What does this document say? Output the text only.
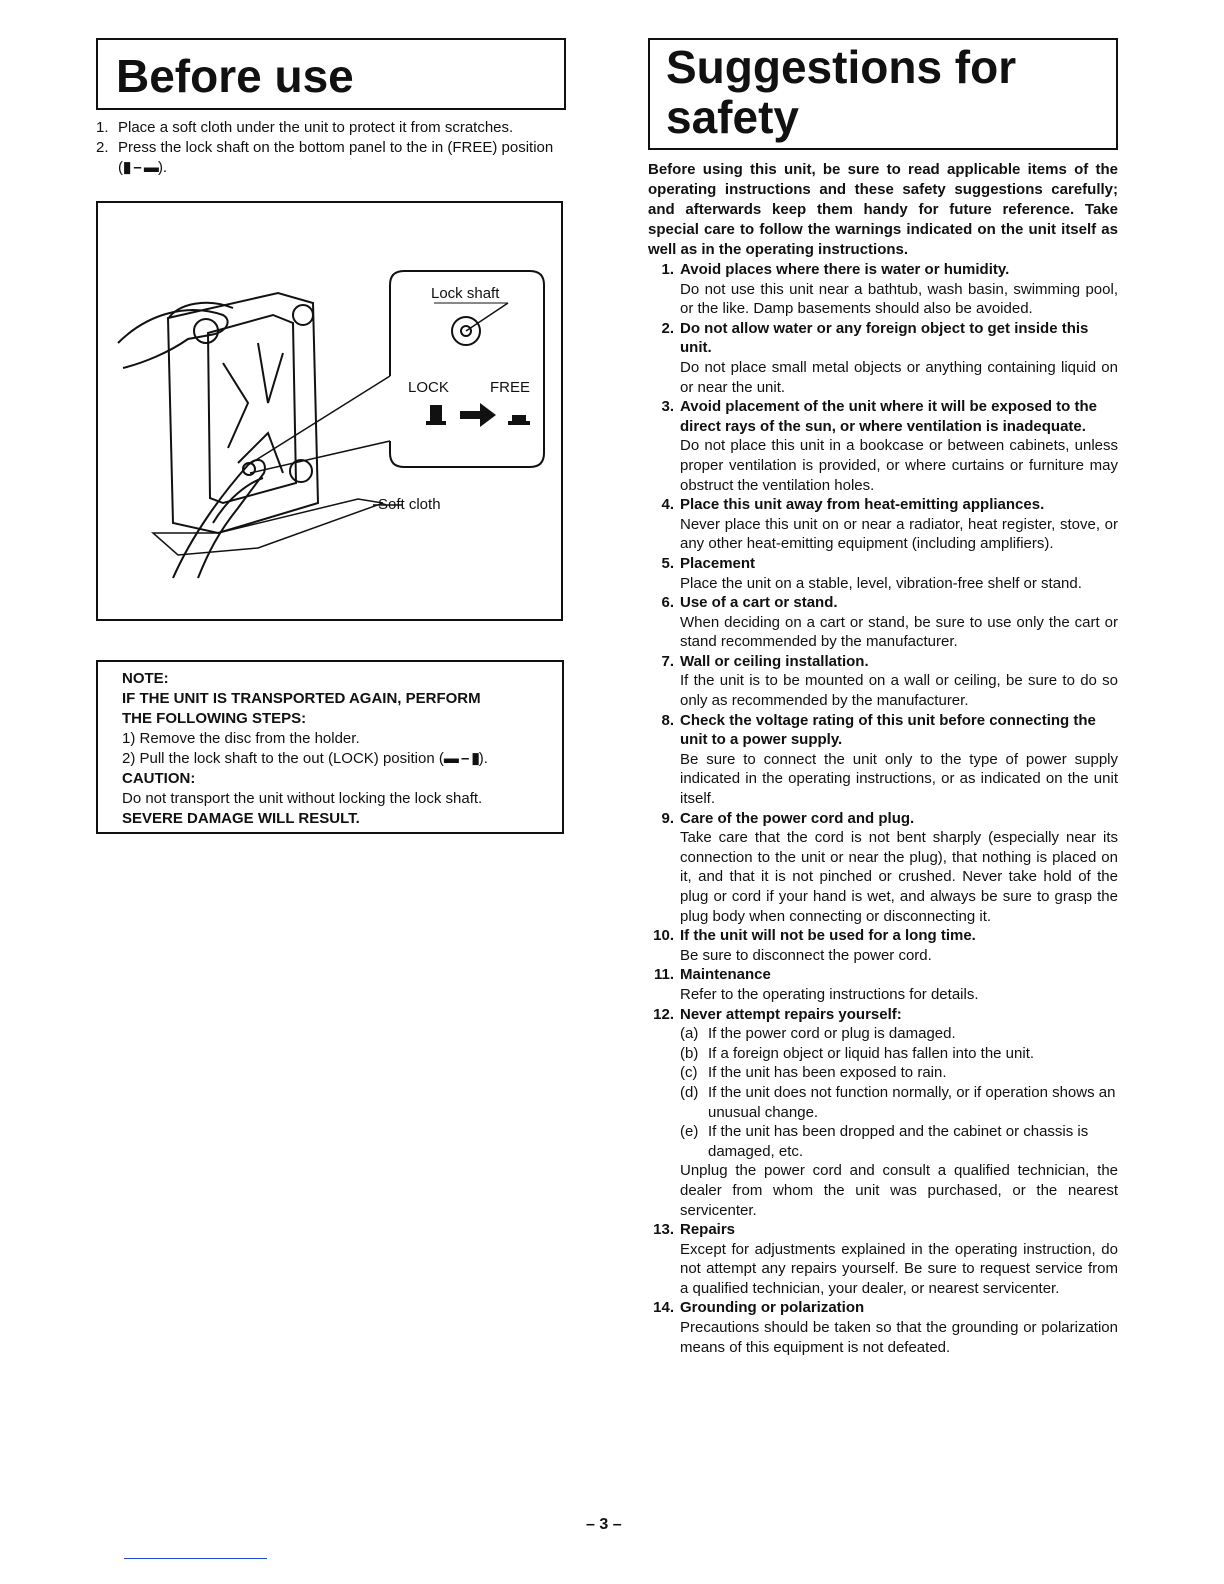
Before use
1. Place a soft cloth under the unit to protect it from scratches.
2. Press the lock shaft on the bottom panel to the in (FREE) position (▮ – ▬).
Lock shaft
LOCK	FREE
Soft cloth
NOTE:
IF THE UNIT IS TRANSPORTED AGAIN, PERFORM
THE FOLLOWING STEPS:
1) Remove the disc from the holder.
2) Pull the lock shaft to the out (LOCK) position (▬ – ▮).
CAUTION:
Do not transport the unit without locking the lock shaft.
SEVERE DAMAGE WILL RESULT.
Suggestions for safety
Before using this unit, be sure to read applicable items of the operating instructions and these safety suggestions carefully; and afterwards keep them handy for future reference. Take special care to follow the warnings indicated on the unit itself as well as in the operating instructions.
1. Avoid places where there is water or humidity.
Do not use this unit near a bathtub, wash basin, swimming pool, or the like. Damp basements should also be avoided.
2. Do not allow water or any foreign object to get inside this unit.
Do not place small metal objects or anything containing liquid on or near the unit.
3. Avoid placement of the unit where it will be exposed to the direct rays of the sun, or where ventilation is inadequate.
Do not place this unit in a bookcase or between cabinets, unless proper ventilation is provided, or where curtains or furniture may obstruct the ventilation holes.
4. Place this unit away from heat-emitting appliances.
Never place this unit on or near a radiator, heat register, stove, or any other heat-emitting equipment (including amplifiers).
5. Placement
Place the unit on a stable, level, vibration-free shelf or stand.
6. Use of a cart or stand.
When deciding on a cart or stand, be sure to use only the cart or stand recommended by the manufacturer.
7. Wall or ceiling installation.
If the unit is to be mounted on a wall or ceiling, be sure to do so only as recommended by the manufacturer.
8. Check the voltage rating of this unit before connecting the unit to a power supply.
Be sure to connect the unit only to the type of power supply indicated in the operating instructions, or as indicated on the unit itself.
9. Care of the power cord and plug.
Take care that the cord is not bent sharply (especially near its connection to the unit or near the plug), that nothing is placed on it, and that it is not pinched or crushed. Never take hold of the plug or cord if your hand is wet, and always be sure to grasp the plug body when connecting or disconnecting it.
10. If the unit will not be used for a long time.
Be sure to disconnect the power cord.
11. Maintenance
Refer to the operating instructions for details.
12. Never attempt repairs yourself:
(a) If the power cord or plug is damaged.
(b) If a foreign object or liquid has fallen into the unit.
(c) If the unit has been exposed to rain.
(d) If the unit does not function normally, or if operation shows an unusual change.
(e) If the unit has been dropped and the cabinet or chassis is damaged, etc.
Unplug the power cord and consult a qualified technician, the dealer from whom the unit was purchased, or the nearest servicenter.
13. Repairs
Except for adjustments explained in the operating instruction, do not attempt any repairs yourself. Be sure to request service from a qualified technician, your dealer, or nearest servicenter.
14. Grounding or polarization
Precautions should be taken so that the grounding or polarization means of this equipment is not defeated.
– 3 –
